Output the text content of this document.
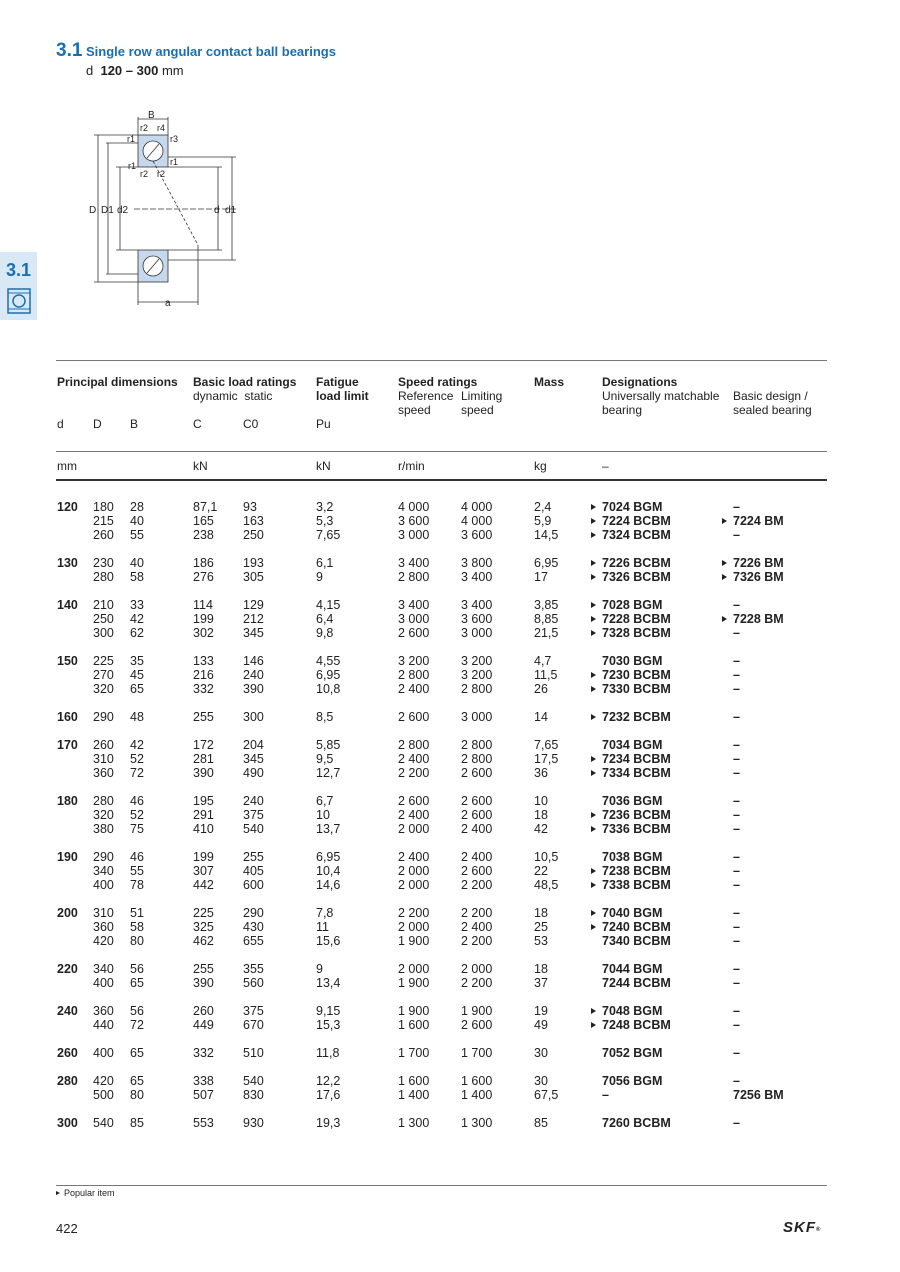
3.1 Single row angular contact ball bearings
d 120 – 300 mm
3.1
B
D D1 d2	d d1
a
r1
r2 r4
r3
r1
r1
r2 r2
Principal dimensions Basic load ratings
dynamic static
Fatigue
load limit
Speed ratings
Reference
speed
Limiting
speed
Mass	Designations
Universally matchable
bearing
Basic design /
sealed bearing
d D B	C	C0	Pu
mm	kN	kN	r/min	kg	–
120 180 28	87,1 93	3,2	4 000	4 000	2,4	7024 BGM	–
215 40	165 163	5,3	3 600	4 000	5,9	7224 BCBM	7224 BM
260 55	238 250	7,65	3 000	3 600	14,5	7324 BCBM	–
130 230 40	186 193	6,1	3 400	3 800	6,95	7226 BCBM	7226 BM
280 58	276 305	9	2 800	3 400	17	7326 BCBM	7326 BM
140 210 33	114 129	4,15	3 400	3 400	3,85	7028 BGM	–
250 42	199 212	6,4	3 000	3 600	8,85	7228 BCBM	7228 BM
300 62	302 345	9,8	2 600	3 000	21,5	7328 BCBM	–
150 225 35	133 146	4,55	3 200	3 200	4,7	7030 BGM	–
270 45	216 240	6,95	2 800	3 200	11,5	7230 BCBM	–
320 65	332 390	10,8	2 400	2 800	26	7330 BCBM	–
160 290 48	255 300	8,5	2 600	3 000	14	7232 BCBM	–
170 260 42	172 204	5,85	2 800	2 800	7,65	7034 BGM	–
310 52	281 345	9,5	2 400	2 800	17,5	7234 BCBM	–
360 72	390 490	12,7	2 200	2 600	36	7334 BCBM	–
180 280 46	195 240	6,7	2 600	2 600	10	7036 BGM	–
320 52	291 375	10	2 400	2 600	18	7236 BCBM	–
380 75	410 540	13,7	2 000	2 400	42	7336 BCBM	–
190 290 46	199 255	6,95	2 400	2 400	10,5	7038 BGM	–
340 55	307 405	10,4	2 000	2 600	22	7238 BCBM	–
400 78	442 600	14,6	2 000	2 200	48,5	7338 BCBM	–
200 310 51	225 290	7,8	2 200	2 200	18	7040 BGM	–
360 58	325 430	11	2 000	2 400	25	7240 BCBM	–
420 80	462 655	15,6	1 900	2 200	53	7340 BCBM	–
220 340 56	255 355	9	2 000	2 000	18	7044 BGM	–
400 65	390 560	13,4	1 900	2 200	37	7244 BCBM	–
240 360 56	260 375	9,15	1 900	1 900	19	7048 BGM	–
440 72	449 670	15,3	1 600	2 600	49	7248 BCBM	–
260 400 65	332 510	11,8	1 700	1 700	30	7052 BGM	–
280 420 65	338 540	12,2	1 600	1 600	30	7056 BGM	–
500 80	507 830	17,6	1 400	1 400	67,5	–	7256 BM
300 540 85	553 930	19,3	1 300	1 300	85	7260 BCBM	–
Popular item
422	SKF®
